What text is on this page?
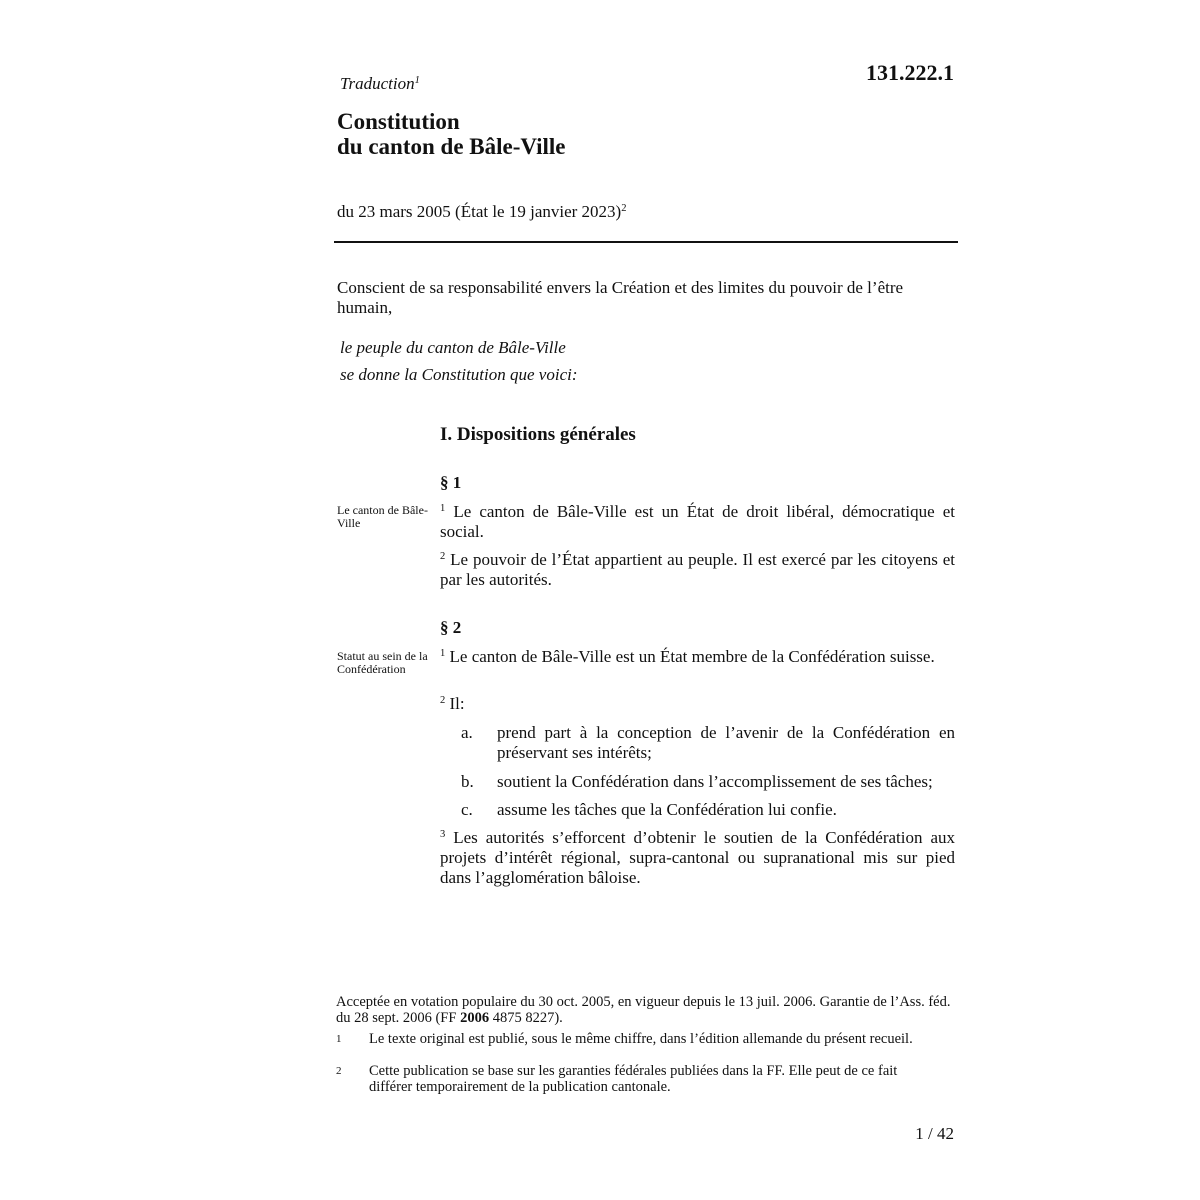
Traduction$^1$	131.222.1
Constitution
du canton de Bâle-Ville
du 23 mars 2005 (État le 19 janvier 2023)$^2$
Conscient de sa responsabilité envers la Création et des limites du pouvoir de l’être humain,
le peuple du canton de Bâle-Ville
se donne la Constitution que voici:
I. Dispositions générales
§ 1
Le canton de Bâle-Ville
$^1$ Le canton de Bâle-Ville est un État de droit libéral, démocratique et social.
$^2$ Le pouvoir de l’État appartient au peuple. Il est exercé par les citoyens et par les autorités.
§ 2
Statut au sein de la Confédération
$^1$ Le canton de Bâle-Ville est un État membre de la Confédération suisse.
$^2$ Il:
a. prend part à la conception de l’avenir de la Confédération en préservant ses intérêts;
b. soutient la Confédération dans l’accomplissement de ses tâches;
c. assume les tâches que la Confédération lui confie.
$^3$ Les autorités s’efforcent d’obtenir le soutien de la Confédération aux projets d’intérêt régional, supra-cantonal ou supranational mis sur pied dans l’agglomération bâloise.
Acceptée en votation populaire du 30 oct. 2005, en vigueur depuis le 13 juil. 2006. Garantie de l’Ass. féd. du 28 sept. 2006 (FF 2006 4875 8227).
1	Le texte original est publié, sous le même chiffre, dans l’édition allemande du présent recueil.
2	Cette publication se base sur les garanties fédérales publiées dans la FF. Elle peut de ce fait différer temporairement de la publication cantonale.
1 / 42
